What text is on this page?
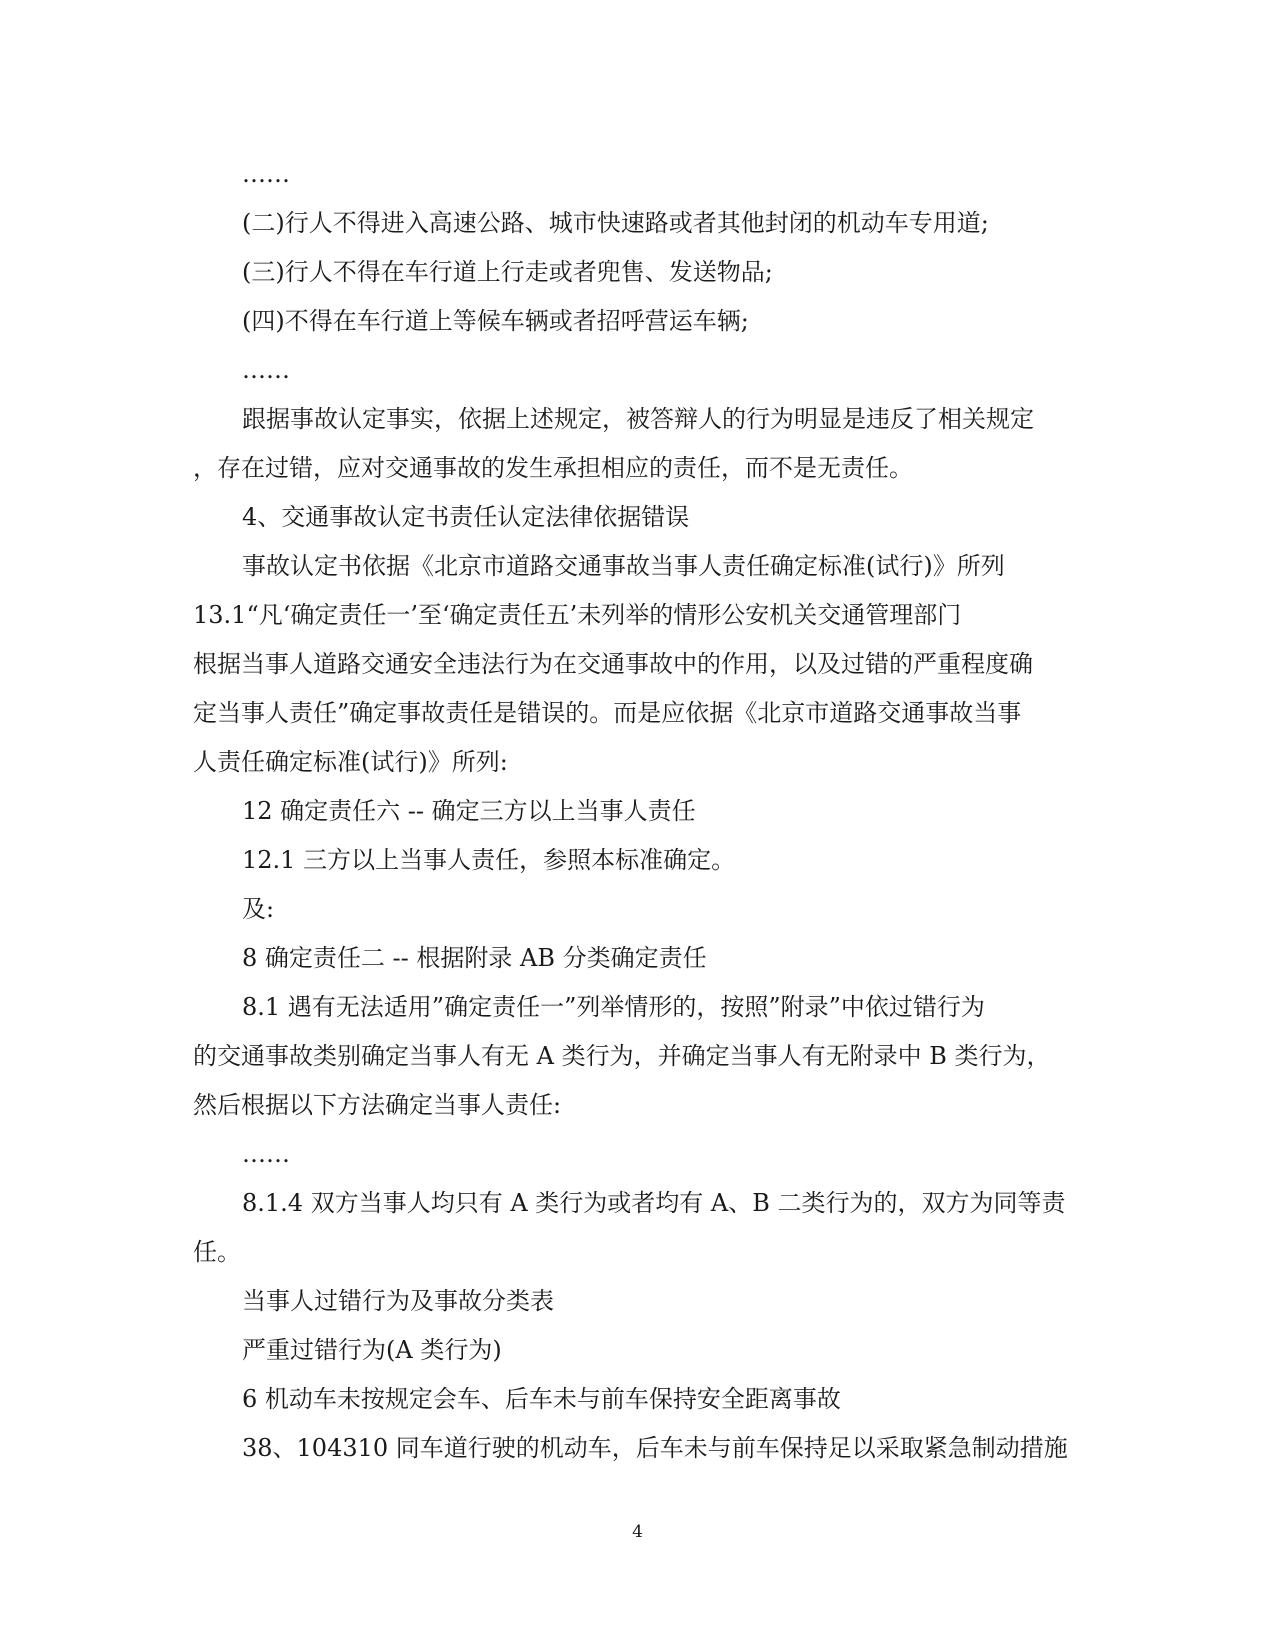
……
(二)行人不得进入高速公路、城市快速路或者其他封闭的机动车专用道;
(三)行人不得在车行道上行走或者兜售、发送物品;
(四)不得在车行道上等候车辆或者招呼营运车辆;
……
跟据事故认定事实，依据上述规定，被答辩人的行为明显是违反了相关规定
，存在过错，应对交通事故的发生承担相应的责任，而不是无责任。
4、交通事故认定书责任认定法律依据错误
事故认定书依据《北京市道路交通事故当事人责任确定标准(试行)》所列
13.1“凡‘确定责任一’至‘确定责任五’未列举的情形公安机关交通管理部门
根据当事人道路交通安全违法行为在交通事故中的作用，以及过错的严重程度确
定当事人责任”确定事故责任是错误的。而是应依据《北京市道路交通事故当事
人责任确定标准(试行)》所列:
12 确定责任六 -- 确定三方以上当事人责任
12.1 三方以上当事人责任，参照本标准确定。
及:
8 确定责任二 -- 根据附录 AB 分类确定责任
8.1 遇有无法适用”确定责任一”列举情形的，按照”附录”中依过错行为
的交通事故类别确定当事人有无 A 类行为，并确定当事人有无附录中 B 类行为，
然后根据以下方法确定当事人责任:
……
8.1.4 双方当事人均只有 A 类行为或者均有 A、B 二类行为的，双方为同等责
任。
当事人过错行为及事故分类表
严重过错行为(A 类行为)
6 机动车未按规定会车、后车未与前车保持安全距离事故
38、104310 同车道行驶的机动车，后车未与前车保持足以采取紧急制动措施
4
